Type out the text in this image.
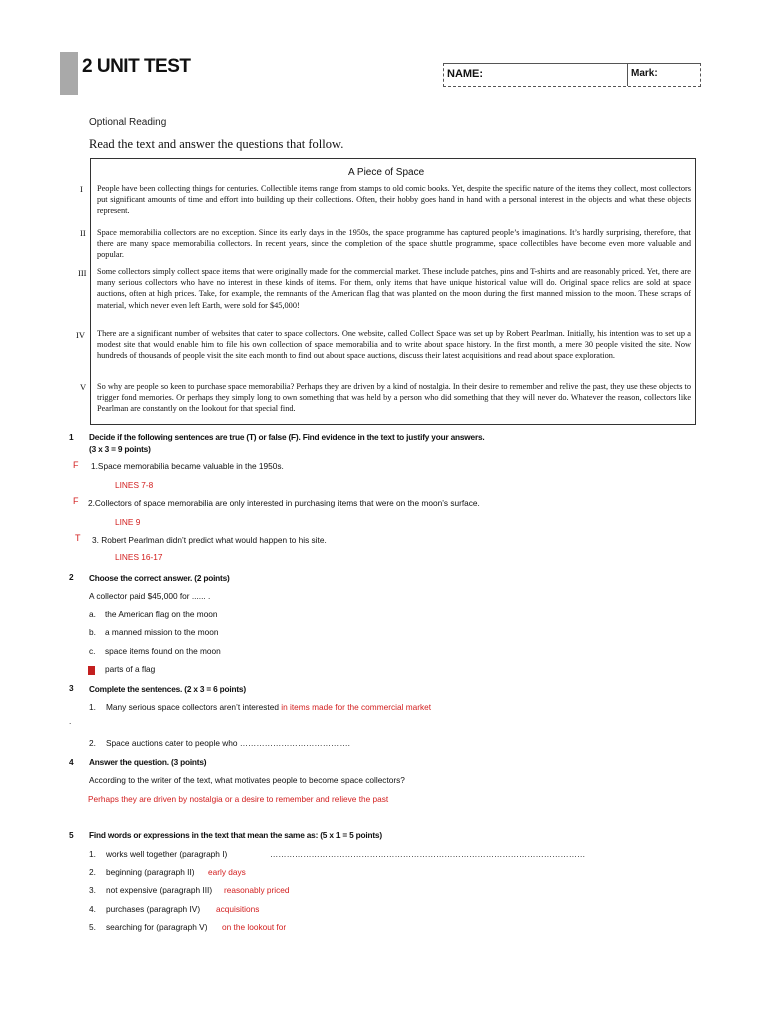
2 UNIT TEST	NAME:	Mark:
Optional Reading
Read the text and answer the questions that follow.
A Piece of Space
I People have been collecting things for centuries. Collectible items range from stamps to old comic books. Yet, despite the specific nature of the items they collect, most collectors put significant amounts of time and effort into building up their collections. Often, their hobby goes hand in hand with a personal interest in the objects and what these objects represent.

II Space memorabilia collectors are no exception. Since its early days in the 1950s, the space programme has captured people’s imaginations. It’s hardly surprising, therefore, that there are many space memorabilia collectors. In recent years, since the completion of the space shuttle programme, space collectibles have become even more valuable and popular.

III Some collectors simply collect space items that were originally made for the commercial market. These include patches, pins and T-shirts and are reasonably priced. Yet, there are many serious collectors who have no interest in these kinds of items. For them, only items that have unique historical value will do. Original space relics are sold at space auctions, often at high prices. Take, for example, the remnants of the American flag that was planted on the moon during the first manned mission to the moon. These scraps of material, which never even left Earth, were sold for $45,000!

IV There are a significant number of websites that cater to space collectors. One website, called Collect Space was set up by Robert Pearlman. Initially, his intention was to set up a modest site that would enable him to file his own collection of space memorabilia and to write about space history. In the first month, a mere 30 people visited the site. Now hundreds of thousands of people visit the site each month to find out about space auctions, discuss their latest acquisitions and read about space exploration.

V So why are people so keen to purchase space memorabilia? Perhaps they are driven by a kind of nostalgia. In their desire to remember and relive the past, they use these objects to trigger fond memories. Or perhaps they simply long to own something that was held by a person who did something that they will never do. Whatever the reason, collectors like Pearlman are constantly on the lookout for that special find.

1 Decide if the following sentences are true (T) or false (F). Find evidence in the text to justify your answers.
(3 x 3 = 9 points)
F 1.Space memorabilia became valuable in the 1950s.
LINES 7-8
F 2.Collectors of space memorabilia are only interested in purchasing items that were on the moon’s surface.
LINE 9
T 3. Robert Pearlman didn’t predict what would happen to his site.
LINES 16-17
2 Choose the correct answer. (2 points)
A collector paid $45,000 for ...... .
a. the American flag on the moon
b. a manned mission to the moon
c. space items found on the moon
parts of a flag
3 Complete the sentences. (2 x 3 = 6 points)
1. Many serious space collectors aren’t interested in items made for the commercial market
.
2. Space auctions cater to people who ………………………………….
4 Answer the question. (3 points)
According to the writer of the text, what motivates people to become space collectors?
Perhaps they are driven by nostalgia or a desire to remember and relieve the past
5 Find words or expressions in the text that mean the same as: (5 x 1 = 5 points)
1. works well together (paragraph I)	……………………………………………………………………………………………………
2. beginning (paragraph II) early days
3. not expensive (paragraph III) reasonably priced
4. purchases (paragraph IV) acquisitions
5. searching for (paragraph V) on the lookout for
